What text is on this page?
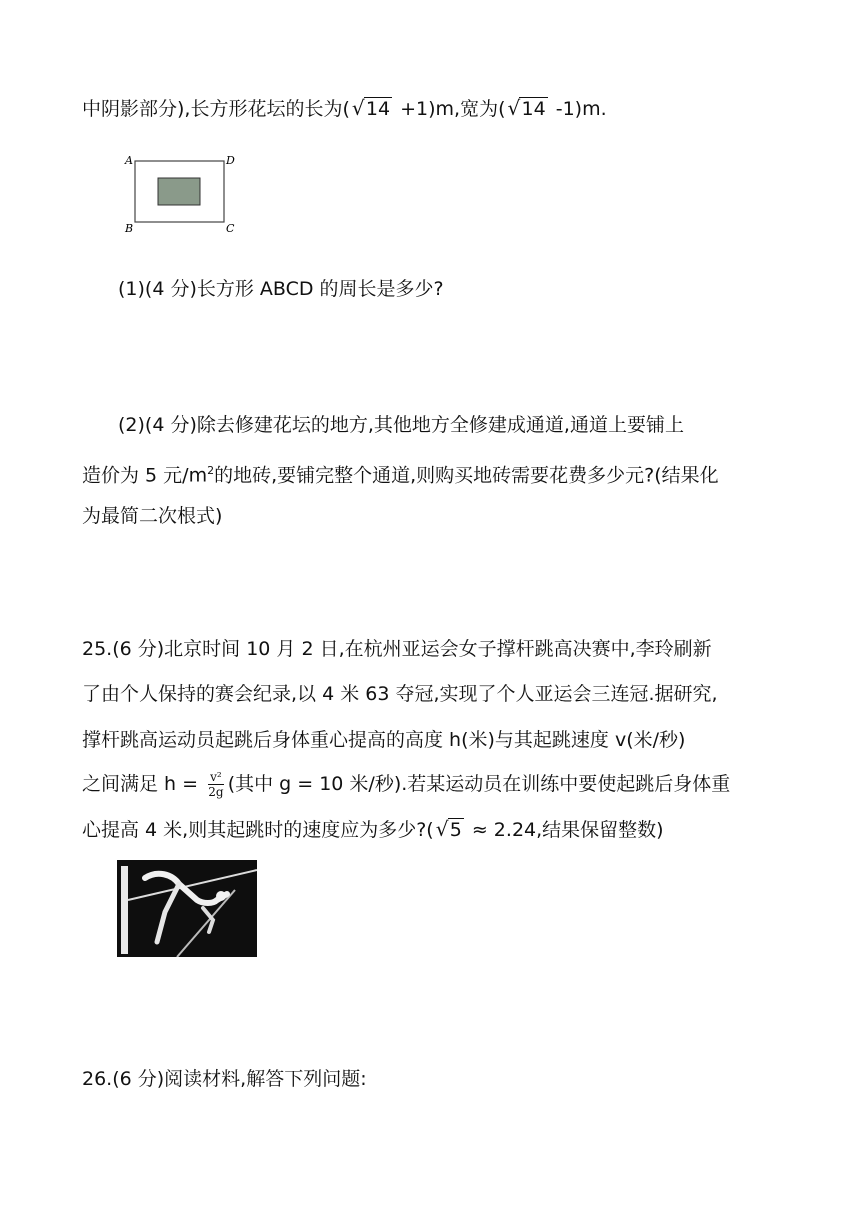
中阴影部分),长方形花坛的长为( √ 14 +1)m,宽为( √ 14 -1)m.
A	D
B	C
(1)(4 分)长方形 ABCD 的周长是多少?
(2)(4 分)除去修建花坛的地方,其他地方全修建成通道,通道上要铺上
造价为 5 元$/m^2$的地砖,要铺完整个通道,则购买地砖需要花费多少元?(结果化
为最简二次根式)
25.(6 分)北京时间 10 月 2 日,在杭州亚运会女子撑杆跳高决赛中,李玲刷新
了由个人保持的赛会纪录,以 4 米 63 夺冠,实现了个人亚运会三连冠.据研究,
撑杆跳高运动员起跳后身体重心提高的高度 h(米)与其起跳速度 v(米/秒)
之间满足 $h = \frac{\text{v²}}{2g}$ (其中 g = 10 米/秒).若某运动员在训练中要使起跳后身体重
心提高 4 米,则其起跳时的速度应为多少?( √ 5 ≈ 2.24,结果保留整数)
26.(6 分)阅读材料,解答下列问题:
